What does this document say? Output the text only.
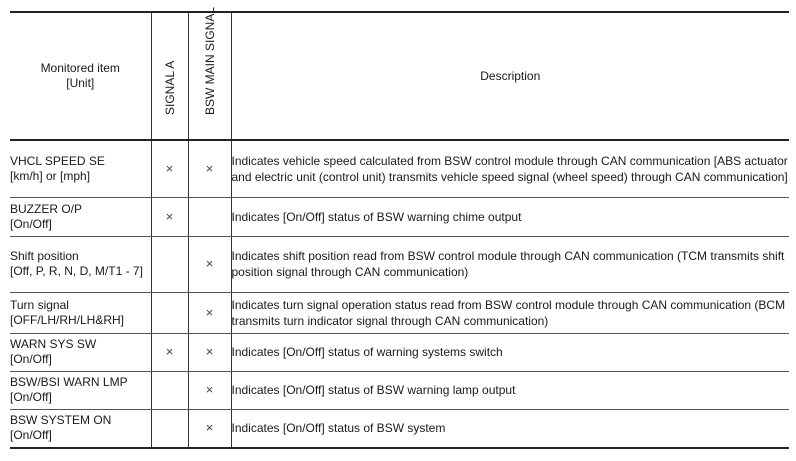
Monitored item
[Unit]	SIGNAL A	BSW MAIN SIGNAL	Description

VHCL SPEED SE
[km/h] or [mph]	×	×	Indicates vehicle speed calculated from BSW control module through CAN communication [ABS actuator and electric unit (control unit) transmits vehicle speed signal (wheel speed) through CAN communication]

BUZZER O/P
[On/Off]	×		Indicates [On/Off] status of BSW warning chime output

Shift position
[Off, P, R, N, D, M/T1 - 7]		×	Indicates shift position read from BSW control module through CAN communication (TCM transmits shift position signal through CAN communication)

Turn signal
[OFF/LH/RH/LH&RH]		×	Indicates turn signal operation status read from BSW control module through CAN communication (BCM transmits turn indicator signal through CAN communication)

WARN SYS SW
[On/Off]	×	×	Indicates [On/Off] status of warning systems switch

BSW/BSI WARN LMP
[On/Off]		×	Indicates [On/Off] status of BSW warning lamp output

BSW SYSTEM ON
[On/Off]		×	Indicates [On/Off] status of BSW system
